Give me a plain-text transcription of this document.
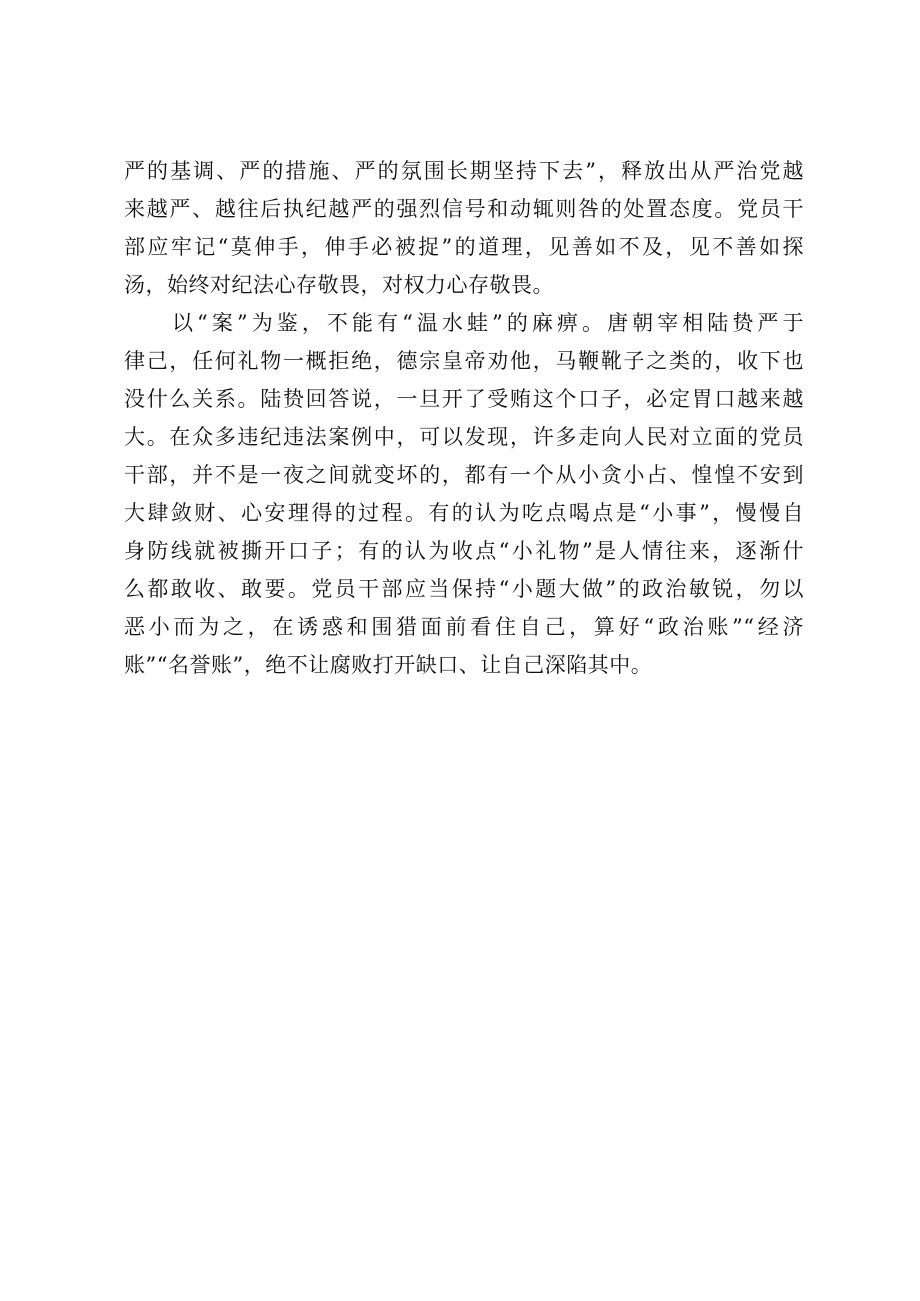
严的基调、严的措施、严的氛围长期坚持下去”，释放出从严治党越
来越严、越往后执纪越严的强烈信号和动辄则咎的处置态度。党员干
部应牢记“莫伸手，伸手必被捉”的道理，见善如不及，见不善如探
汤，始终对纪法心存敬畏，对权力心存敬畏。
以“案”为鉴，不能有“温水蛙”的麻痹。唐朝宰相陆贽严于
律己，任何礼物一概拒绝，德宗皇帝劝他，马鞭靴子之类的，收下也
没什么关系。陆贽回答说，一旦开了受贿这个口子，必定胃口越来越
大。在众多违纪违法案例中，可以发现，许多走向人民对立面的党员
干部，并不是一夜之间就变坏的，都有一个从小贪小占、惶惶不安到
大肆敛财、心安理得的过程。有的认为吃点喝点是“小事”，慢慢自
身防线就被撕开口子；有的认为收点“小礼物”是人情往来，逐渐什
么都敢收、敢要。党员干部应当保持“小题大做”的政治敏锐，勿以
恶小而为之，在诱惑和围猎面前看住自己，算好“政治账”“经济
账”“名誉账”，绝不让腐败打开缺口、让自己深陷其中。
